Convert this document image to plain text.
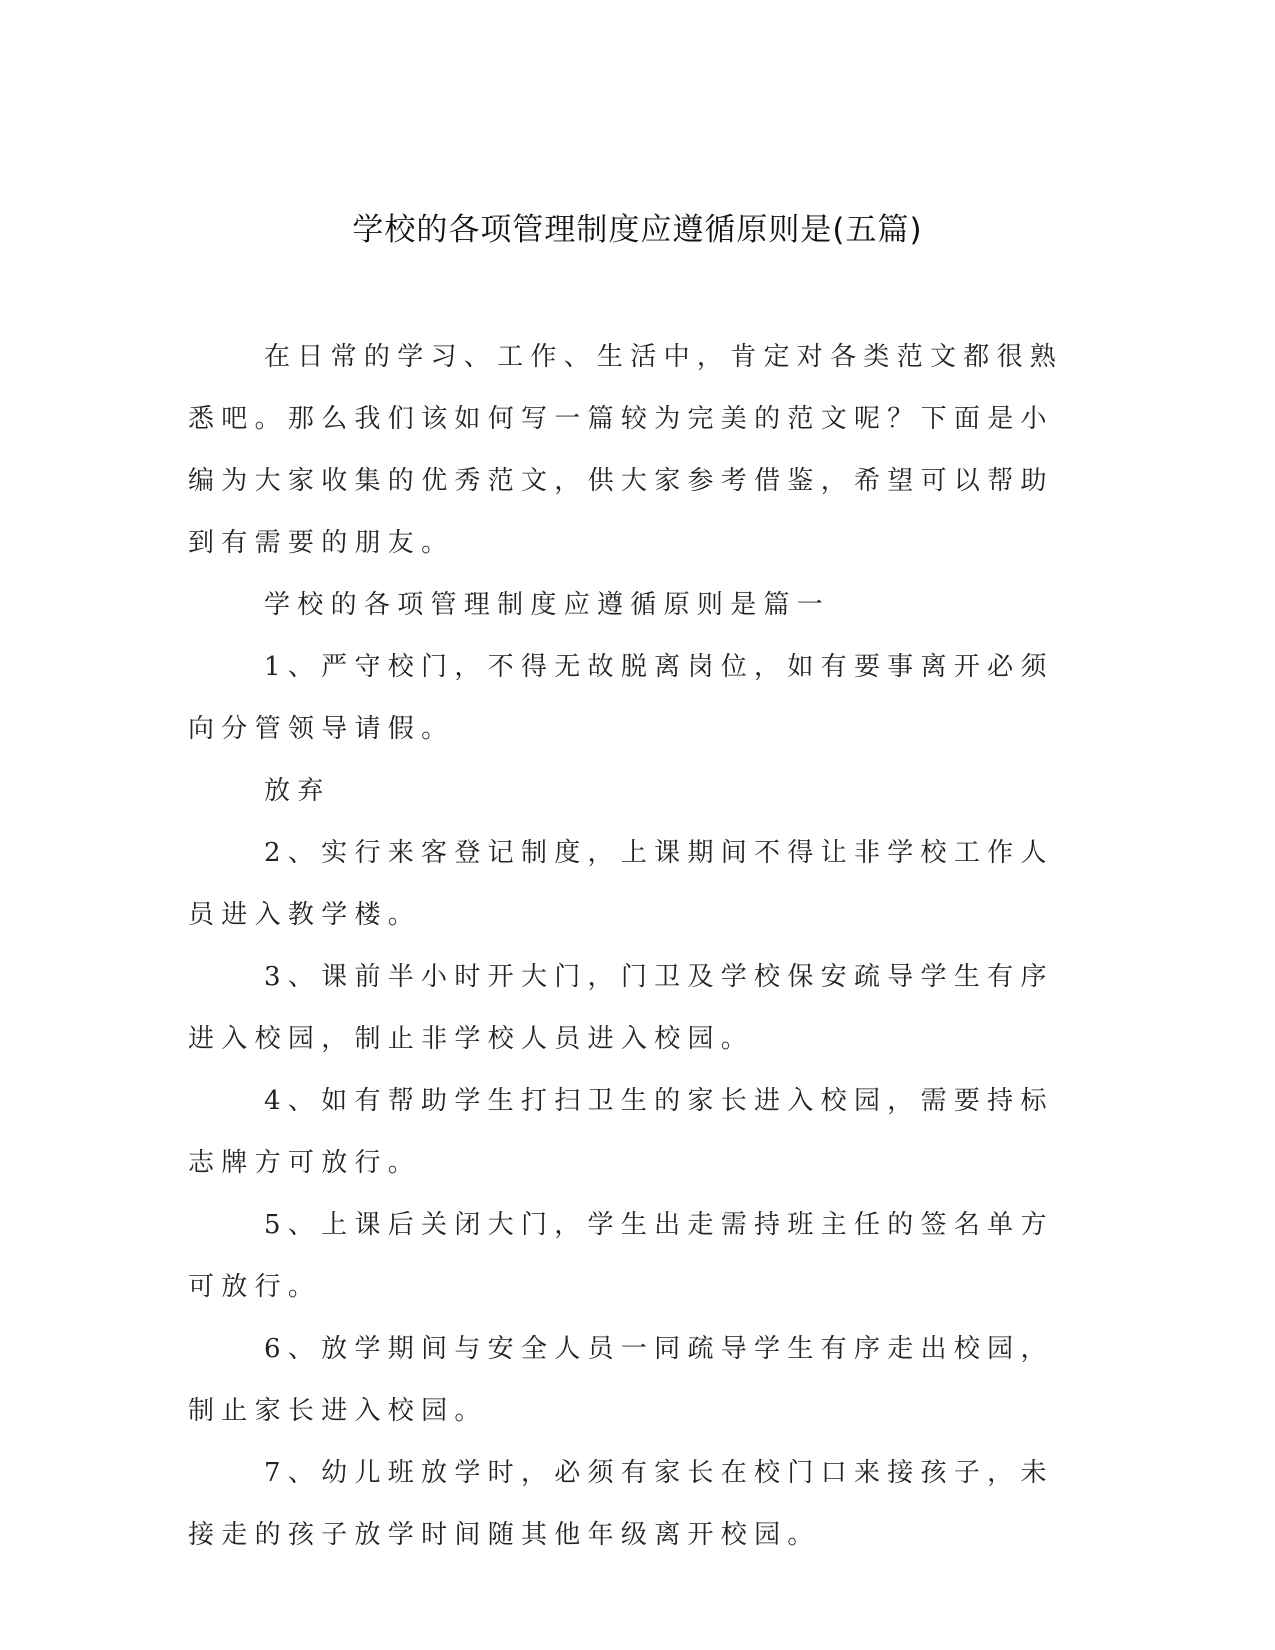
学校的各项管理制度应遵循原则是(五篇)

在日常的学习、工作、生活中，肯定对各类范文都很熟悉吧。那么我们该如何写一篇较为完美的范文呢？下面是小编为大家收集的优秀范文，供大家参考借鉴，希望可以帮助到有需要的朋友。

学校的各项管理制度应遵循原则是篇一

1、严守校门，不得无故脱离岗位，如有要事离开必须向分管领导请假。

放弃

2、实行来客登记制度，上课期间不得让非学校工作人员进入教学楼。

3、课前半小时开大门，门卫及学校保安疏导学生有序进入校园，制止非学校人员进入校园。

4、如有帮助学生打扫卫生的家长进入校园，需要持标志牌方可放行。

5、上课后关闭大门，学生出走需持班主任的签名单方可放行。

6、放学期间与安全人员一同疏导学生有序走出校园，制止家长进入校园。

7、幼儿班放学时，必须有家长在校门口来接孩子，未接走的孩子放学时间随其他年级离开校园。
